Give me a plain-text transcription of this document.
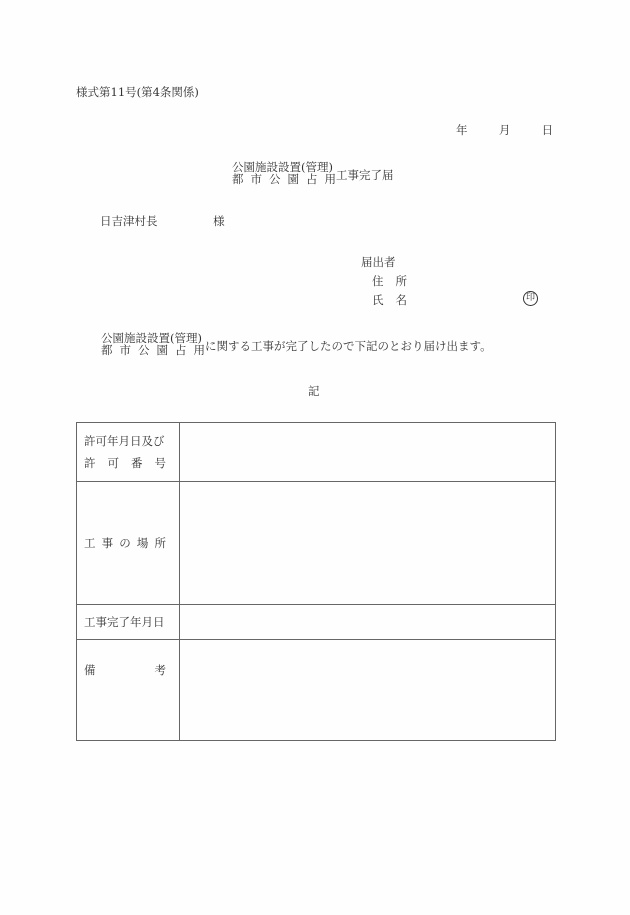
様式第11号(第4条関係)
年	月	日
公園施設設置(管理)
都 市 公 園 占 用 工事完了届
日吉津村長	様
届出者
住 所
氏 名	印
公園施設設置(管理)
都 市 公 園 占 用 に関する工事が完了したので下記のとおり届け出ます。
記
許可年月日及び
許 可 番 号	

工 事 の 場 所	

工事完了年月日	

備 考	
